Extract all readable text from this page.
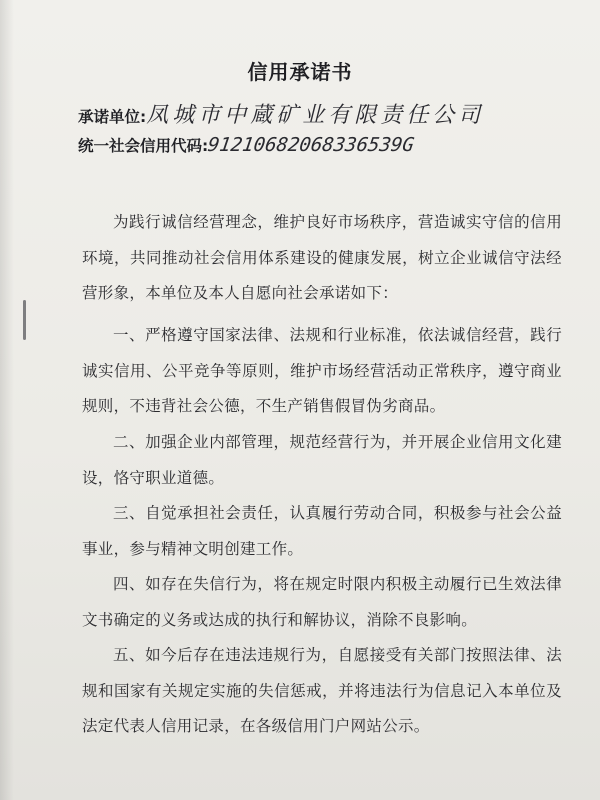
信用承诺书
承诺单位:凤城市中蔵矿业有限责任公司
统一社会信用代码:91210682068336539G

为践行诚信经营理念，维护良好市场秩序，营造诚实守信的信用环境，共同推动社会信用体系建设的健康发展，树立企业诚信守法经营形象，本单位及本人自愿向社会承诺如下：

一、严格遵守国家法律、法规和行业标准，依法诚信经营，践行诚实信用、公平竞争等原则，维护市场经营活动正常秩序，遵守商业规则，不违背社会公德，不生产销售假冒伪劣商品。

二、加强企业内部管理，规范经营行为，并开展企业信用文化建设，恪守职业道德。

三、自觉承担社会责任，认真履行劳动合同，积极参与社会公益事业，参与精神文明创建工作。

四、如存在失信行为，将在规定时限内积极主动履行已生效法律文书确定的义务或达成的执行和解协议，消除不良影响。

五、如今后存在违法违规行为，自愿接受有关部门按照法律、法规和国家有关规定实施的失信惩戒，并将违法行为信息记入本单位及法定代表人信用记录，在各级信用门户网站公示。
